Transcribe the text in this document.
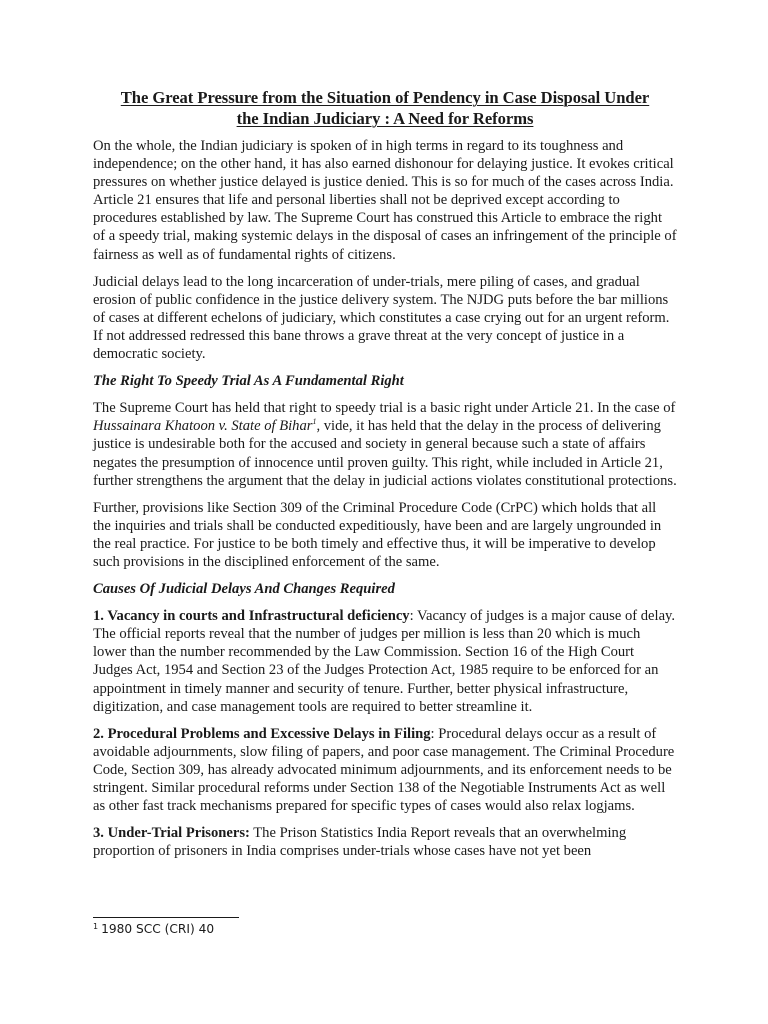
The Great Pressure from the Situation of Pendency in Case Disposal Under
the Indian Judiciary : A Need for Reforms

On the whole, the Indian judiciary is spoken of in high terms in regard to its toughness and independence; on the other hand, it has also earned dishonour for delaying justice. It evokes critical pressures on whether justice delayed is justice denied. This is so for much of the cases across India. Article 21 ensures that life and personal liberties shall not be deprived except according to procedures established by law. The Supreme Court has construed this Article to embrace the right of a speedy trial, making systemic delays in the disposal of cases an infringement of the principle of fairness as well as of fundamental rights of citizens.

Judicial delays lead to the long incarceration of under-trials, mere piling of cases, and gradual erosion of public confidence in the justice delivery system. The NJDG puts before the bar millions of cases at different echelons of judiciary, which constitutes a case crying out for an urgent reform. If not addressed redressed this bane throws a grave threat at the very concept of justice in a democratic society.

The Right To Speedy Trial As A Fundamental Right

The Supreme Court has held that right to speedy trial is a basic right under Article 21. In the case of Hussainara Khatoon v. State of Bihar$^1$, vide, it has held that the delay in the process of delivering justice is undesirable both for the accused and society in general because such a state of affairs negates the presumption of innocence until proven guilty. This right, while included in Article 21, further strengthens the argument that the delay in judicial actions violates constitutional protections.

Further, provisions like Section 309 of the Criminal Procedure Code (CrPC) which holds that all the inquiries and trials shall be conducted expeditiously, have been and are largely ungrounded in the real practice. For justice to be both timely and effective thus, it will be imperative to develop such provisions in the disciplined enforcement of the same.

Causes Of Judicial Delays And Changes Required

1. Vacancy in courts and Infrastructural deficiency: Vacancy of judges is a major cause of delay. The official reports reveal that the number of judges per million is less than 20 which is much lower than the number recommended by the Law Commission. Section 16 of the High Court Judges Act, 1954 and Section 23 of the Judges Protection Act, 1985 require to be enforced for an appointment in timely manner and security of tenure. Further, better physical infrastructure, digitization, and case management tools are required to better streamline it.

2. Procedural Problems and Excessive Delays in Filing: Procedural delays occur as a result of avoidable adjournments, slow filing of papers, and poor case management. The Criminal Procedure Code, Section 309, has already advocated minimum adjournments, and its enforcement needs to be stringent. Similar procedural reforms under Section 138 of the Negotiable Instruments Act as well as other fast track mechanisms prepared for specific types of cases would also relax logjams.

3. Under-Trial Prisoners: The Prison Statistics India Report reveals that an overwhelming proportion of prisoners in India comprises under-trials whose cases have not yet been

$^1$ 1980 SCC (CRI) 40
